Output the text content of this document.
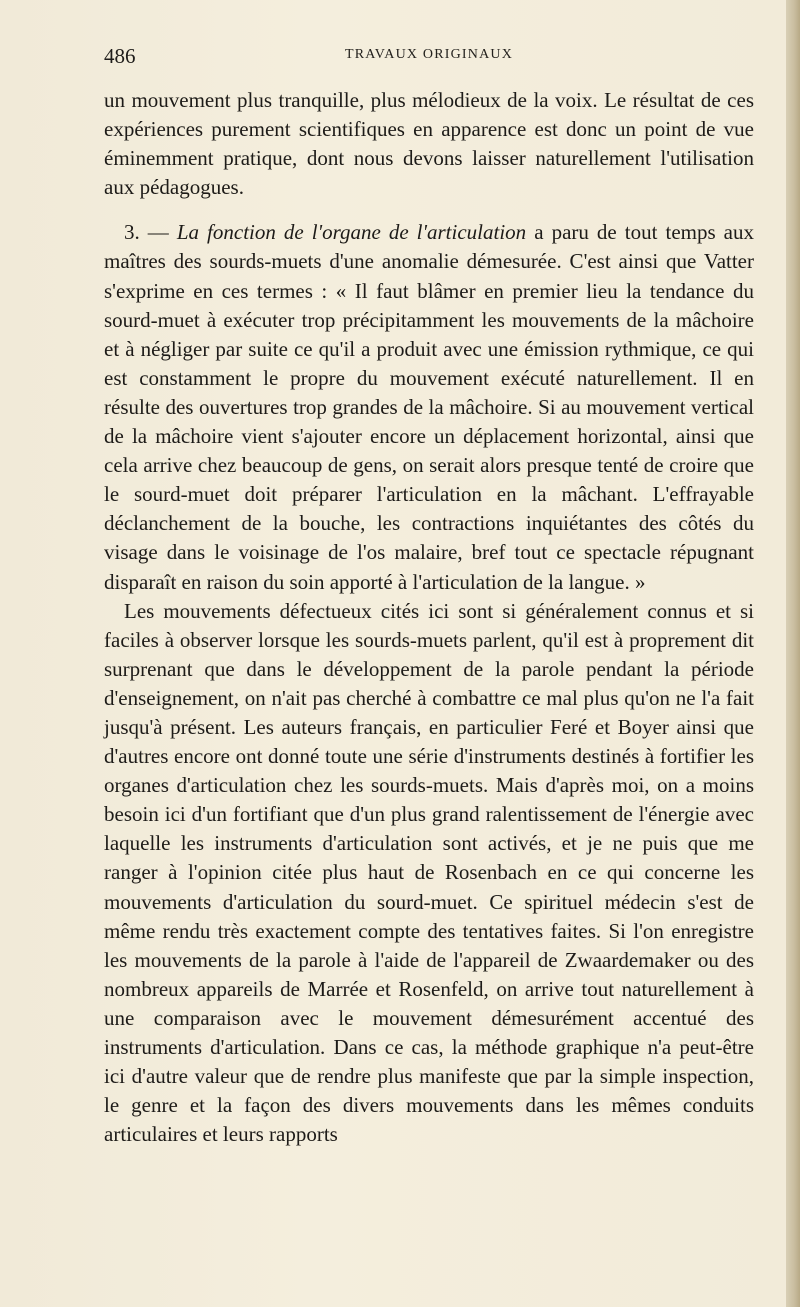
486	TRAVAUX ORIGINAUX

un mouvement plus tranquille, plus mélodieux de la voix. Le résultat de ces expériences purement scientifiques en apparence est donc un point de vue éminemment pratique, dont nous devons laisser naturellement l'utilisation aux pédagogues.

3. — La fonction de l'organe de l'articulation a paru de tout temps aux maîtres des sourds-muets d'une anomalie démesurée. C'est ainsi que Vatter s'exprime en ces termes : « Il faut blâmer en premier lieu la tendance du sourd-muet à exécuter trop précipitamment les mouvements de la mâchoire et à négliger par suite ce qu'il a produit avec une émission rythmique, ce qui est constamment le propre du mouvement exécuté naturellement. Il en résulte des ouvertures trop grandes de la mâchoire. Si au mouvement vertical de la mâchoire vient s'ajouter encore un déplacement horizontal, ainsi que cela arrive chez beaucoup de gens, on serait alors presque tenté de croire que le sourd-muet doit préparer l'articulation en la mâchant. L'effrayable déclanchement de la bouche, les contractions inquiétantes des côtés du visage dans le voisinage de l'os malaire, bref tout ce spectacle répugnant disparaît en raison du soin apporté à l'articulation de la langue. »

Les mouvements défectueux cités ici sont si généralement connus et si faciles à observer lorsque les sourds-muets parlent, qu'il est à proprement dit surprenant que dans le développement de la parole pendant la période d'enseignement, on n'ait pas cherché à combattre ce mal plus qu'on ne l'a fait jusqu'à présent. Les auteurs français, en particulier Feré et Boyer ainsi que d'autres encore ont donné toute une série d'instruments destinés à fortifier les organes d'articulation chez les sourds-muets. Mais d'après moi, on a moins besoin ici d'un fortifiant que d'un plus grand ralentissement de l'énergie avec laquelle les instruments d'articulation sont activés, et je ne puis que me ranger à l'opinion citée plus haut de Rosenbach en ce qui concerne les mouvements d'articulation du sourd-muet. Ce spirituel médecin s'est de même rendu très exactement compte des tentatives faites. Si l'on enregistre les mouvements de la parole à l'aide de l'appareil de Zwaardemaker ou des nombreux appareils de Marrée et Rosenfeld, on arrive tout naturellement à une comparaison avec le mouvement démesurément accentué des instruments d'articulation. Dans ce cas, la méthode graphique n'a peut-être ici d'autre valeur que de rendre plus manifeste que par la simple inspection, le genre et la façon des divers mouvements dans les mêmes conduits articulaires et leurs rapports
